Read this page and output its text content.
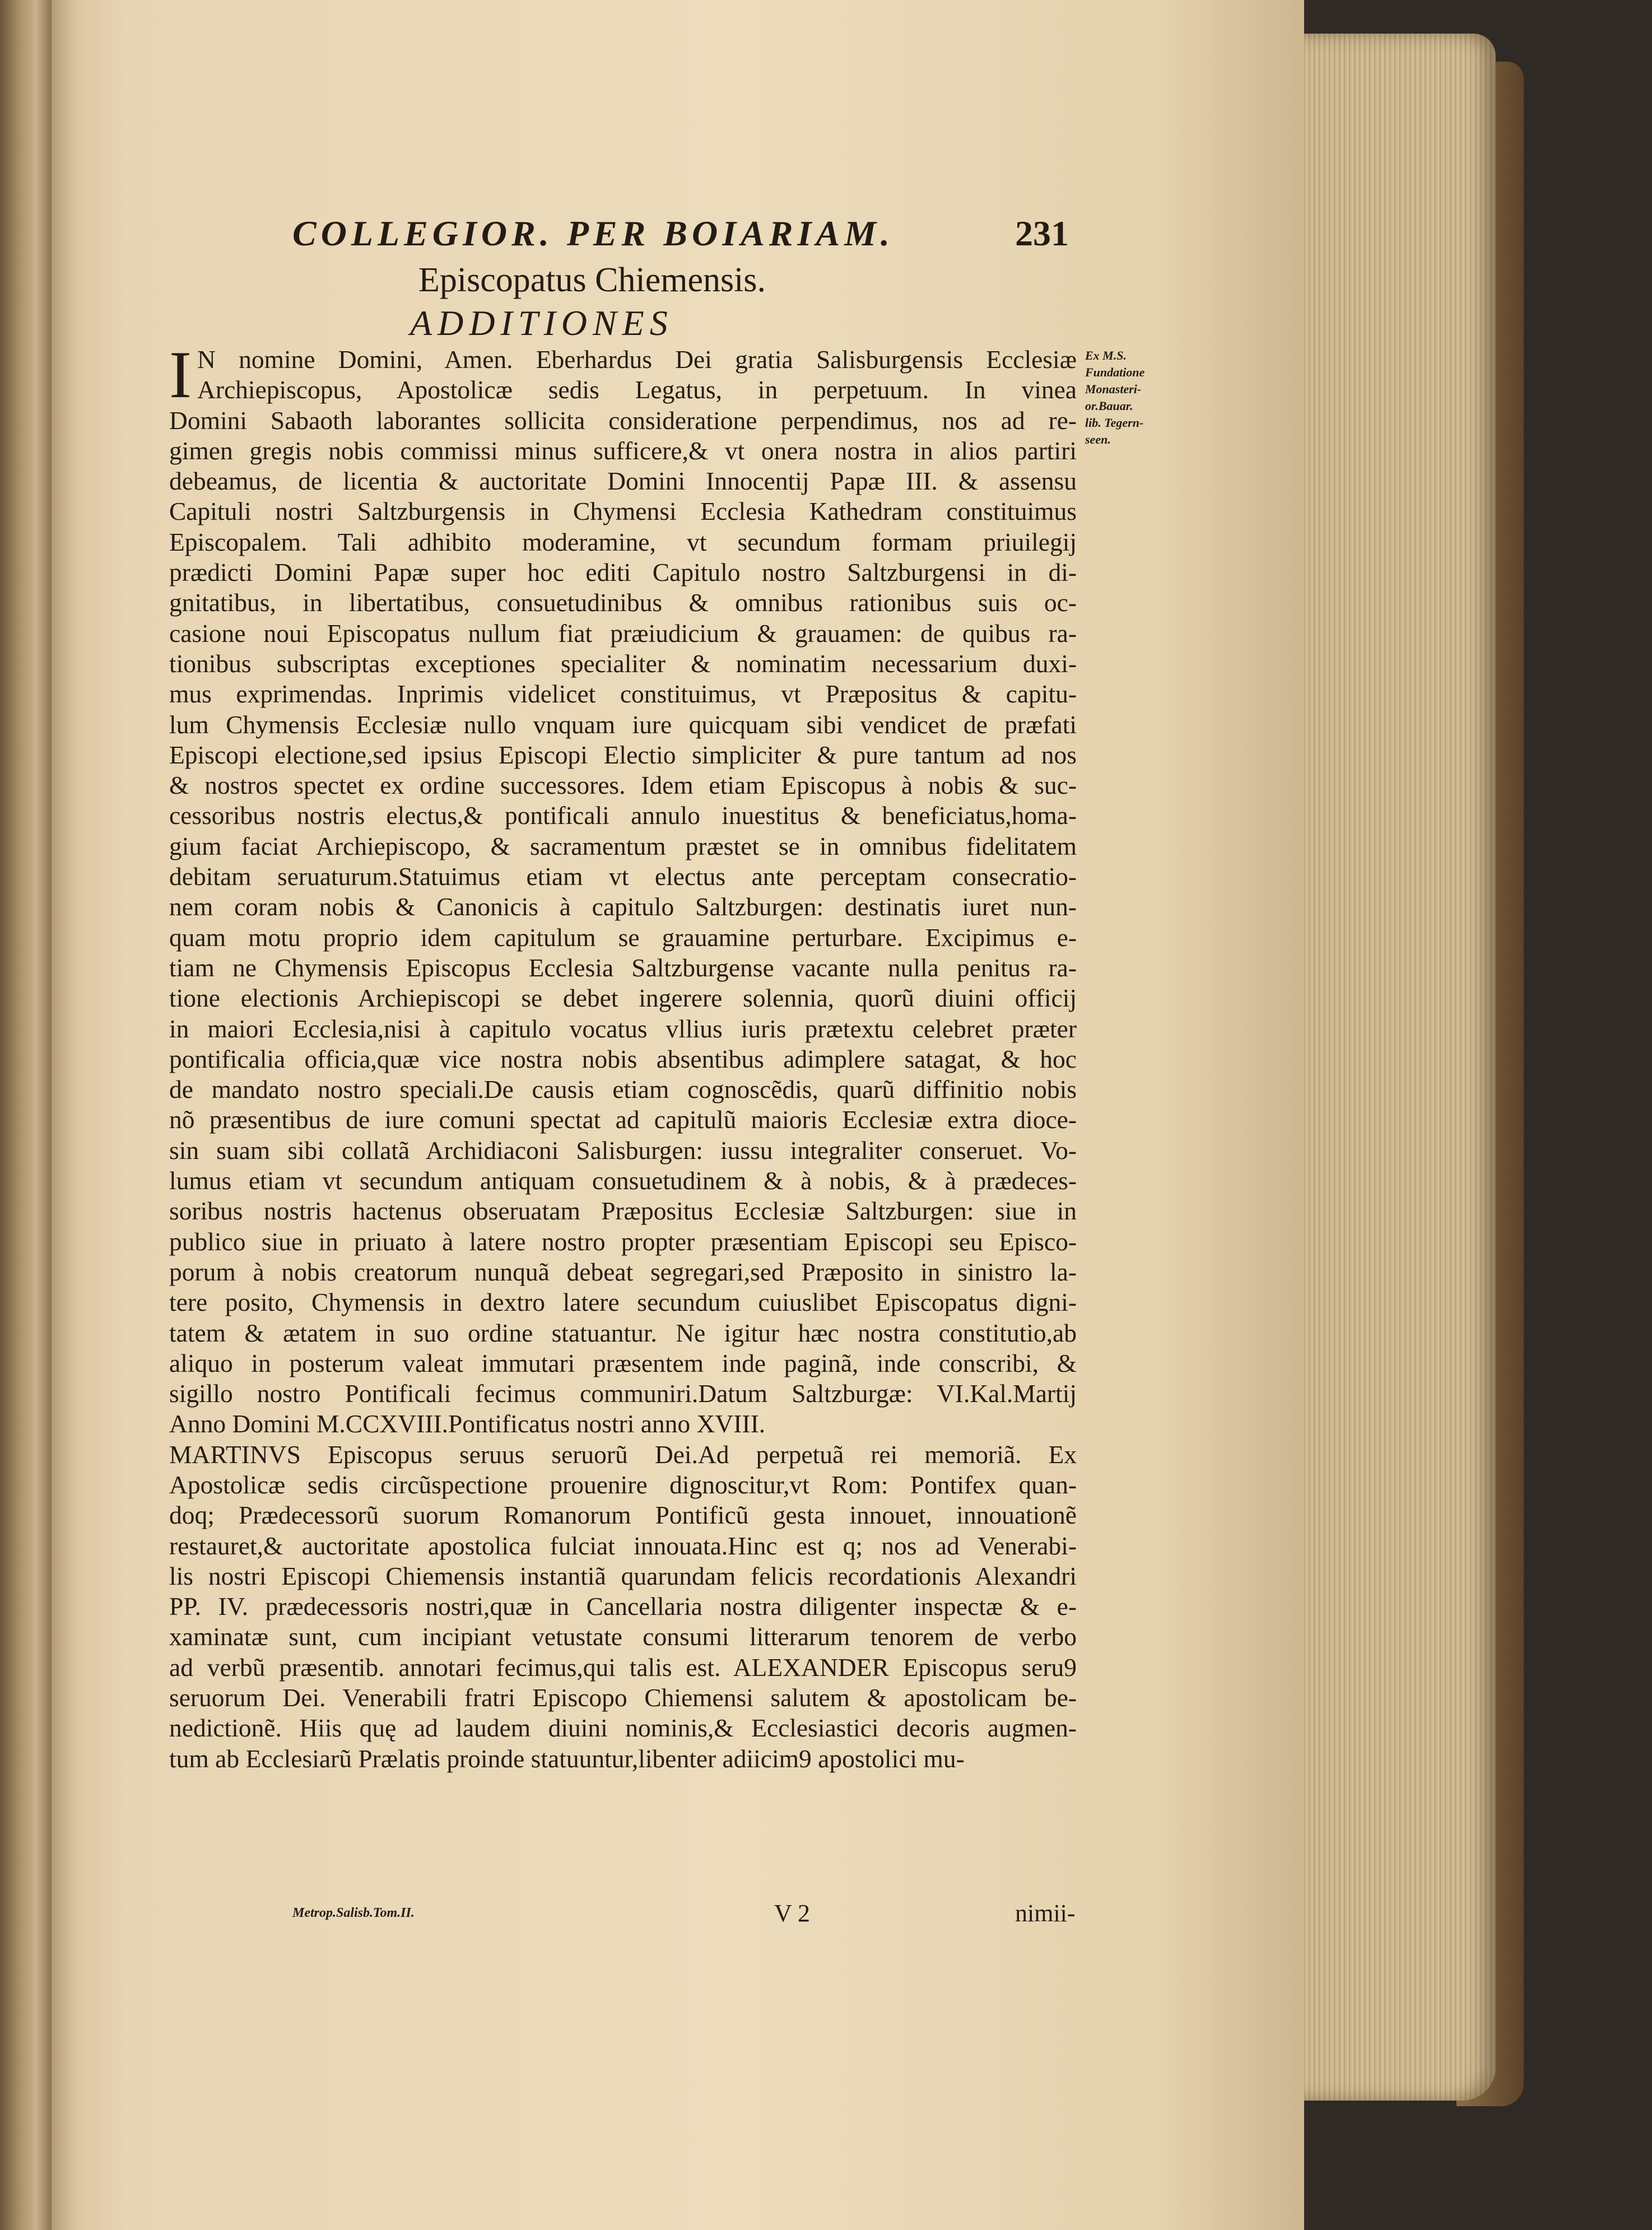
COLLEGIOR. PER BOIARIAM.	231
Episcopatus Chiemensis.
ADDITIONES
I N nomine Domini, Amen. Eberhardus Dei gratia Salisburgensis Ecclesiæ
Archiepiscopus, Apostolicæ sedis Legatus, in perpetuum. In vinea
Domini Sabaoth laborantes sollicita consideratione perpendimus, nos ad re-
gimen gregis nobis commissi minus sufficere,& vt onera nostra in alios partiri
debeamus, de licentia & auctoritate Domini Innocentij Papæ III. & assensu
Capituli nostri Saltzburgensis in Chymensi Ecclesia Kathedram constituimus
Episcopalem. Tali adhibito moderamine, vt secundum formam priuilegij
prædicti Domini Papæ super hoc editi Capitulo nostro Saltzburgensi in di-
gnitatibus, in libertatibus, consuetudinibus & omnibus rationibus suis oc-
casione noui Episcopatus nullum fiat præiudicium & grauamen: de quibus ra-
tionibus subscriptas exceptiones specialiter & nominatim necessarium duxi-
mus exprimendas. Inprimis videlicet constituimus, vt Præpositus & capitu-
lum Chymensis Ecclesiæ nullo vnquam iure quicquam sibi vendicet de præfati
Episcopi electione,sed ipsius Episcopi Electio simpliciter & pure tantum ad nos
& nostros spectet ex ordine successores. Idem etiam Episcopus à nobis & suc-
cessoribus nostris electus,& pontificali annulo inuestitus & beneficiatus,homa-
gium faciat Archiepiscopo, & sacramentum præstet se in omnibus fidelitatem
debitam seruaturum.Statuimus etiam vt electus ante perceptam consecratio-
nem coram nobis & Canonicis à capitulo Saltzburgen: destinatis iuret nun-
quam motu proprio idem capitulum se grauamine perturbare. Excipimus e-
tiam ne Chymensis Episcopus Ecclesia Saltzburgense vacante nulla penitus ra-
tione electionis Archiepiscopi se debet ingerere solennia, quorũ diuini officij
in maiori Ecclesia,nisi à capitulo vocatus vllius iuris prætextu celebret præter
pontificalia officia,quæ vice nostra nobis absentibus adimplere satagat, & hoc
de mandato nostro speciali.De causis etiam cognoscẽdis, quarũ diffinitio nobis
nõ præsentibus de iure comuni spectat ad capitulũ maioris Ecclesiæ extra dioce-
sin suam sibi collatã Archidiaconi Salisburgen: iussu integraliter conseruet. Vo-
lumus etiam vt secundum antiquam consuetudinem & à nobis, & à prædeces-
soribus nostris hactenus obseruatam Præpositus Ecclesiæ Saltzburgen: siue in
publico siue in priuato à latere nostro propter præsentiam Episcopi seu Episco-
porum à nobis creatorum nunquã debeat segregari,sed Præposito in sinistro la-
tere posito, Chymensis in dextro latere secundum cuiuslibet Episcopatus digni-
tatem & ætatem in suo ordine statuantur. Ne igitur hæc nostra constitutio,ab
aliquo in posterum valeat immutari præsentem inde paginã, inde conscribi, &
sigillo nostro Pontificali fecimus communiri.Datum Saltzburgæ: VI.Kal.Martij
Anno Domini M.CCXVIII.Pontificatus nostri anno XVIII.
MARTINVS Episcopus seruus seruorũ Dei.Ad perpetuã rei memoriã. Ex
Apostolicæ sedis circũspectione prouenire dignoscitur,vt Rom: Pontifex quan-
doq; Prædecessorũ suorum Romanorum Pontificũ gesta innouet, innouationẽ
restauret,& auctoritate apostolica fulciat innouata.Hinc est q; nos ad Venerabi-
lis nostri Episcopi Chiemensis instantiã quarundam felicis recordationis Alexandri
PP. IV. prædecessoris nostri,quæ in Cancellaria nostra diligenter inspectæ & e-
xaminatæ sunt, cum incipiant vetustate consumi litterarum tenorem de verbo
ad verbũ præsentib. annotari fecimus,qui talis est. ALEXANDER Episcopus seru9
seruorum Dei. Venerabili fratri Episcopo Chiemensi salutem & apostolicam be-
nedictionẽ. Hiis quę ad laudem diuini nominis,& Ecclesiastici decoris augmen-
tum ab Ecclesiarũ Prælatis proinde statuuntur,libenter adiicim9 apostolici mu-
Ex M.S.
Fundatione
Monasteri-
or.Bauar.
lib. Tegern-
seen.
Metrop.Salisb.Tom.II.	V 2	nimii-
